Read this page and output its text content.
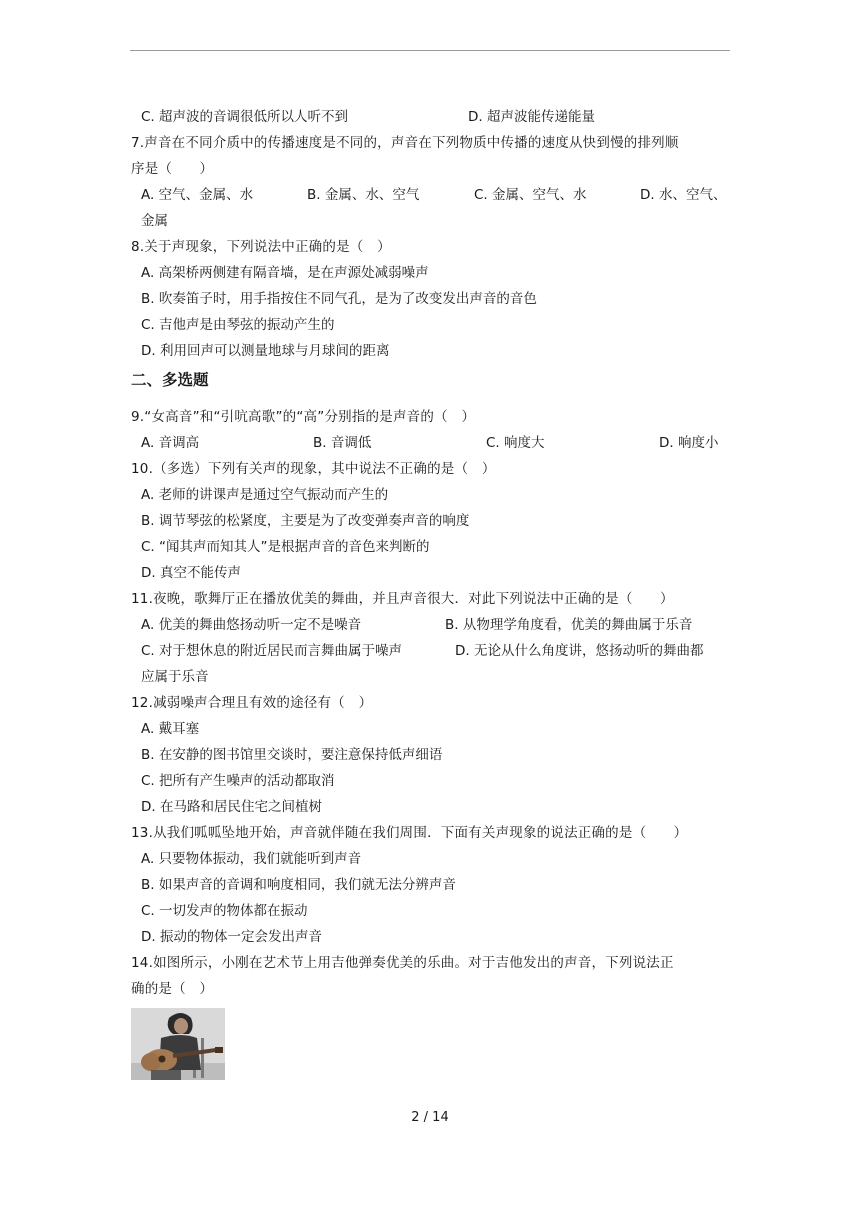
C. 超声波的音调很低所以人听不到	D. 超声波能传递能量
7.声音在不同介质中的传播速度是不同的，声音在下列物质中传播的速度从快到慢的排列顺
序是（　　）
A. 空气、金属、水	B. 金属、水、空气	C. 金属、空气、水	D. 水、空气、
金属
8.关于声现象，下列说法中正确的是（　）
A. 高架桥两侧建有隔音墙，是在声源处减弱噪声
B. 吹奏笛子时，用手指按住不同气孔，是为了改变发出声音的音色
C. 吉他声是由琴弦的振动产生的
D. 利用回声可以测量地球与月球间的距离
二、多选题
9.“女高音”和“引吭高歌”的“高”分别指的是声音的（　）
A. 音调高	B. 音调低	C. 响度大	D. 响度小
10.（多选）下列有关声的现象，其中说法不正确的是（　）
A. 老师的讲课声是通过空气振动而产生的
B. 调节琴弦的松紧度，主要是为了改变弹奏声音的响度
C. “闻其声而知其人”是根据声音的音色来判断的
D. 真空不能传声
11.夜晚，歌舞厅正在播放优美的舞曲，并且声音很大．对此下列说法中正确的是（　　）
A. 优美的舞曲悠扬动听一定不是噪音	B. 从物理学角度看，优美的舞曲属于乐音
C. 对于想休息的附近居民而言舞曲属于噪声	D. 无论从什么角度讲，悠扬动听的舞曲都
应属于乐音
12.减弱噪声合理且有效的途径有（　）
A. 戴耳塞
B. 在安静的图书馆里交谈时，要注意保持低声细语
C. 把所有产生噪声的活动都取消
D. 在马路和居民住宅之间植树
13.从我们呱呱坠地开始，声音就伴随在我们周围．下面有关声现象的说法正确的是（　　）
A. 只要物体振动，我们就能听到声音
B. 如果声音的音调和响度相同，我们就无法分辨声音
C. 一切发声的物体都在振动
D. 振动的物体一定会发出声音
14.如图所示，小刚在艺术节上用吉他弹奏优美的乐曲。对于吉他发出的声音，下列说法正
确的是（　）
2 / 14
